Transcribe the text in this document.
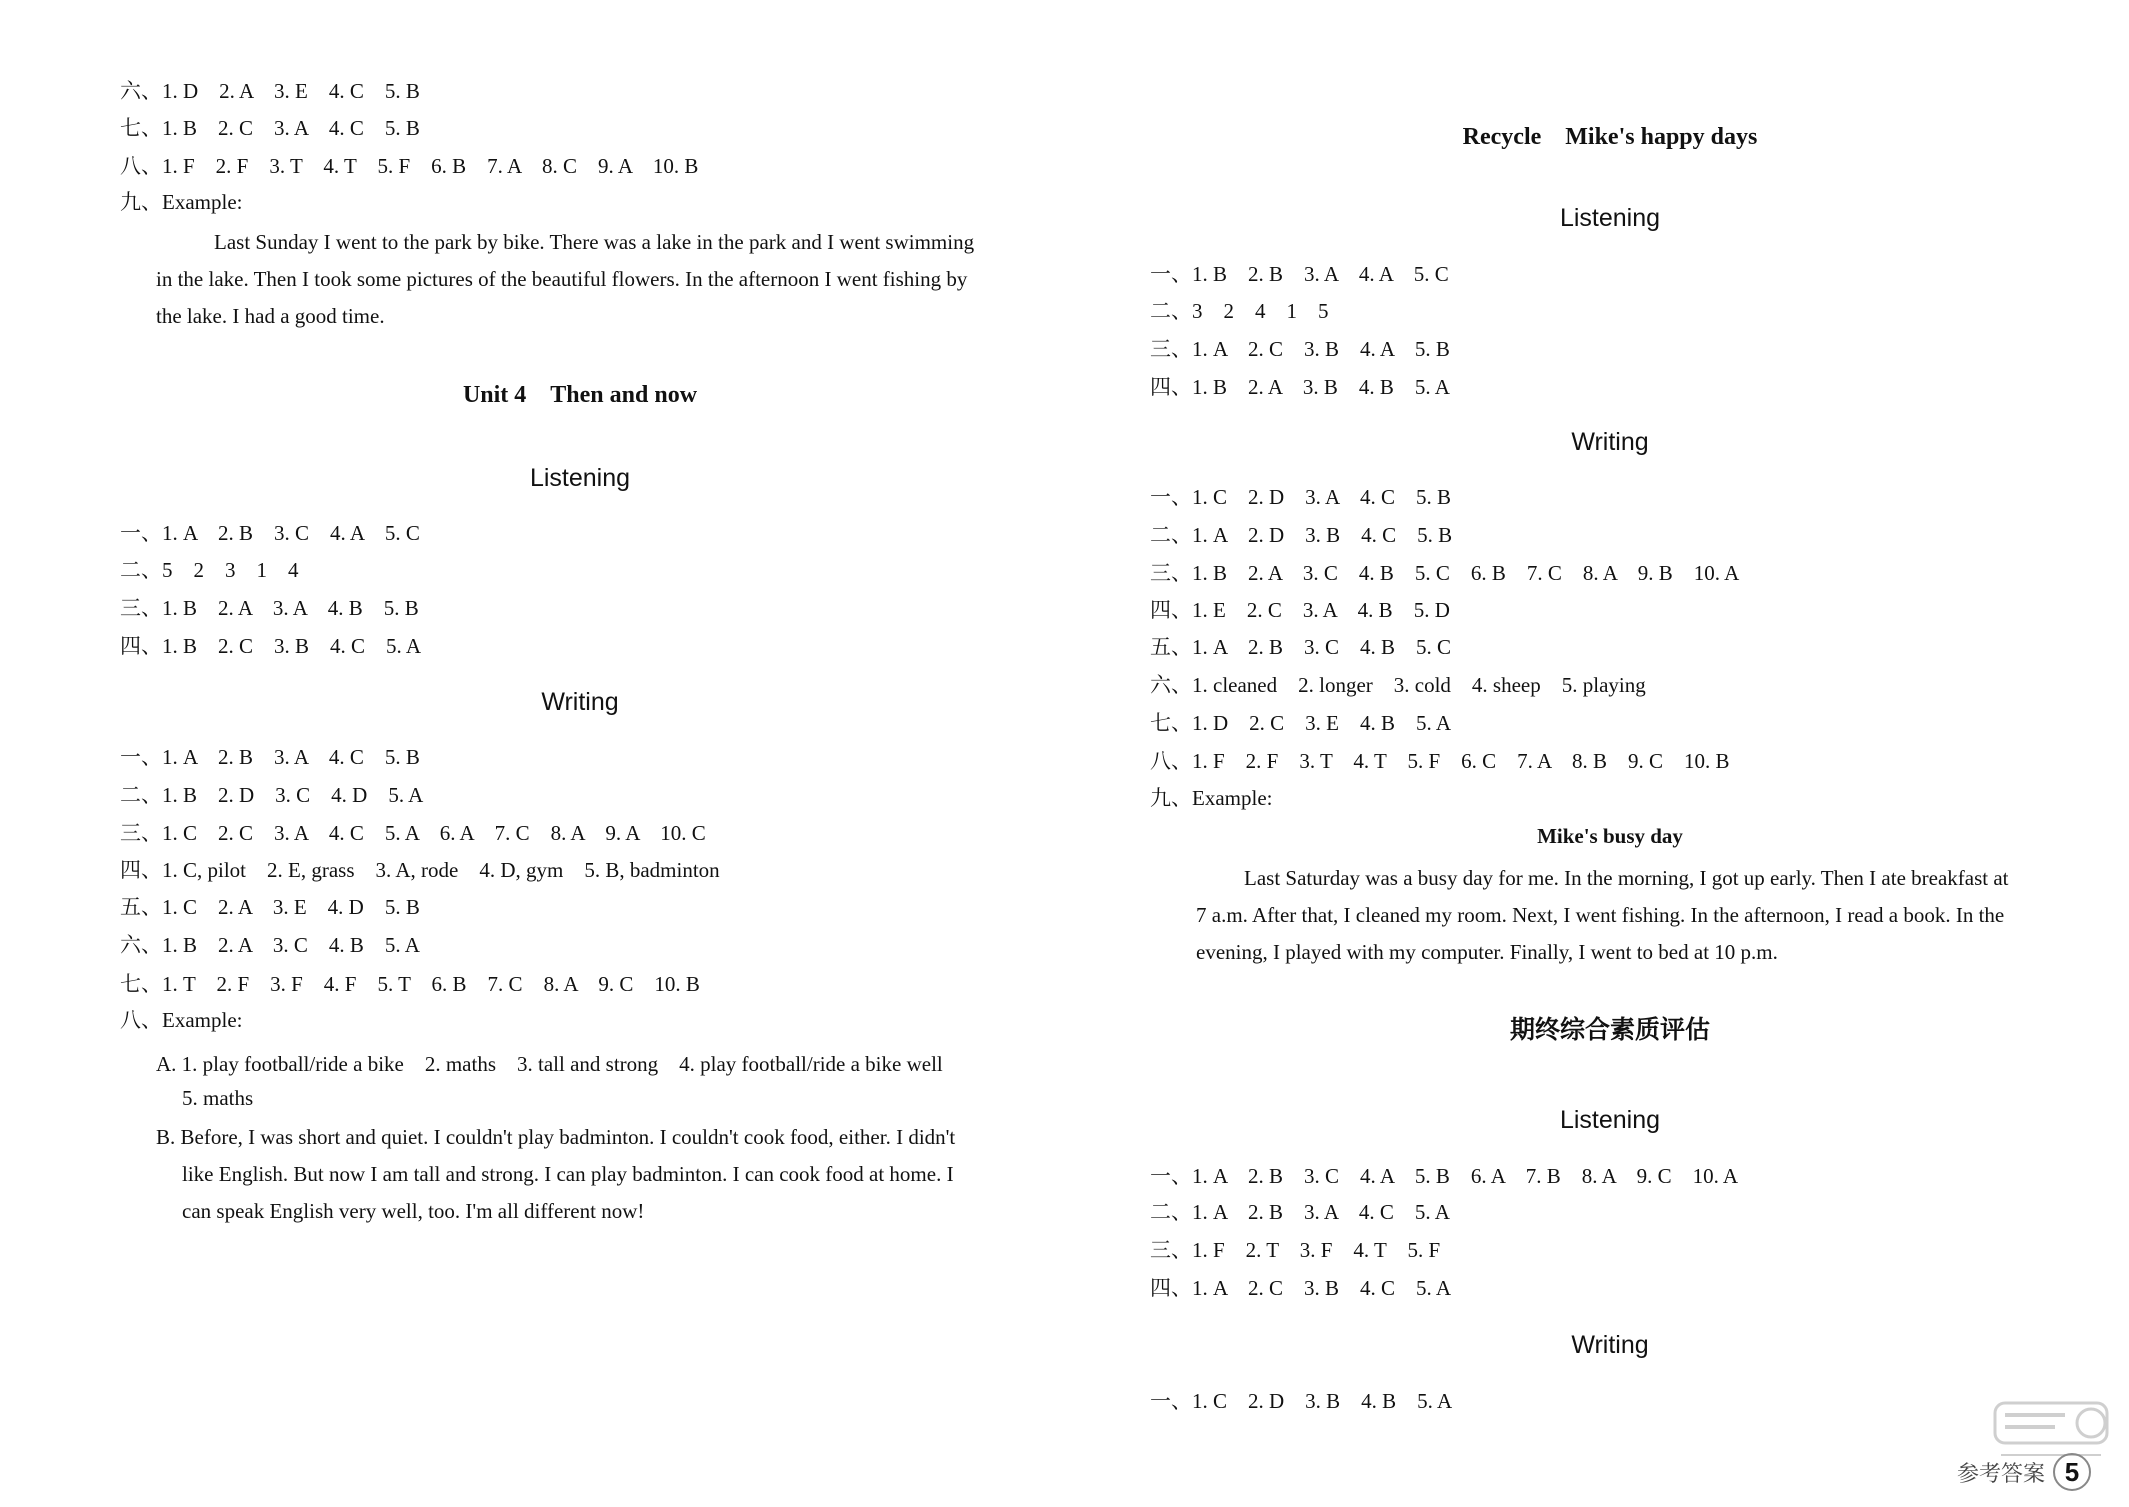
六、1. D　2. A　3. E　4. C　5. B
七、1. B　2. C　3. A　4. C　5. B
八、1. F　2. F　3. T　4. T　5. F　6. B　7. A　8. C　9. A　10. B
九、Example:
Last Sunday I went to the park by bike. There was a lake in the park and I went swimming
in the lake. Then I took some pictures of the beautiful flowers. In the afternoon I went fishing by
the lake. I had a good time.
Unit 4　Then and now
Listening
一、1. A　2. B　3. C　4. A　5. C
二、5　2　3　1　4
三、1. B　2. A　3. A　4. B　5. B
四、1. B　2. C　3. B　4. C　5. A
Writing
一、1. A　2. B　3. A　4. C　5. B
二、1. B　2. D　3. C　4. D　5. A
三、1. C　2. C　3. A　4. C　5. A　6. A　7. C　8. A　9. A　10. C
四、1. C, pilot　2. E, grass　3. A, rode　4. D, gym　5. B, badminton
五、1. C　2. A　3. E　4. D　5. B
六、1. B　2. A　3. C　4. B　5. A
七、1. T　2. F　3. F　4. F　5. T　6. B　7. C　8. A　9. C　10. B
八、Example:
A. 1. play football/ride a bike　2. maths　3. tall and strong　4. play football/ride a bike well
5. maths
B. Before, I was short and quiet. I couldn't play badminton. I couldn't cook food, either. I didn't
like English. But now I am tall and strong. I can play badminton. I can cook food at home. I
can speak English very well, too. I'm all different now!
Recycle　Mike's happy days
Listening
一、1. B　2. B　3. A　4. A　5. C
二、3　2　4　1　5
三、1. A　2. C　3. B　4. A　5. B
四、1. B　2. A　3. B　4. B　5. A
Writing
一、1. C　2. D　3. A　4. C　5. B
二、1. A　2. D　3. B　4. C　5. B
三、1. B　2. A　3. C　4. B　5. C　6. B　7. C　8. A　9. B　10. A
四、1. E　2. C　3. A　4. B　5. D
五、1. A　2. B　3. C　4. B　5. C
六、1. cleaned　2. longer　3. cold　4. sheep　5. playing
七、1. D　2. C　3. E　4. B　5. A
八、1. F　2. F　3. T　4. T　5. F　6. C　7. A　8. B　9. C　10. B
九、Example:
Mike's busy day
Last Saturday was a busy day for me. In the morning, I got up early. Then I ate breakfast at
7 a.m. After that, I cleaned my room. Next, I went fishing. In the afternoon, I read a book. In the
evening, I played with my computer. Finally, I went to bed at 10 p.m.
期终综合素质评估
Listening
一、1. A　2. B　3. C　4. A　5. B　6. A　7. B　8. A　9. C　10. A
二、1. A　2. B　3. A　4. C　5. A
三、1. F　2. T　3. F　4. T　5. F
四、1. A　2. C　3. B　4. C　5. A
Writing
一、1. C　2. D　3. B　4. B　5. A
参考答案 5
